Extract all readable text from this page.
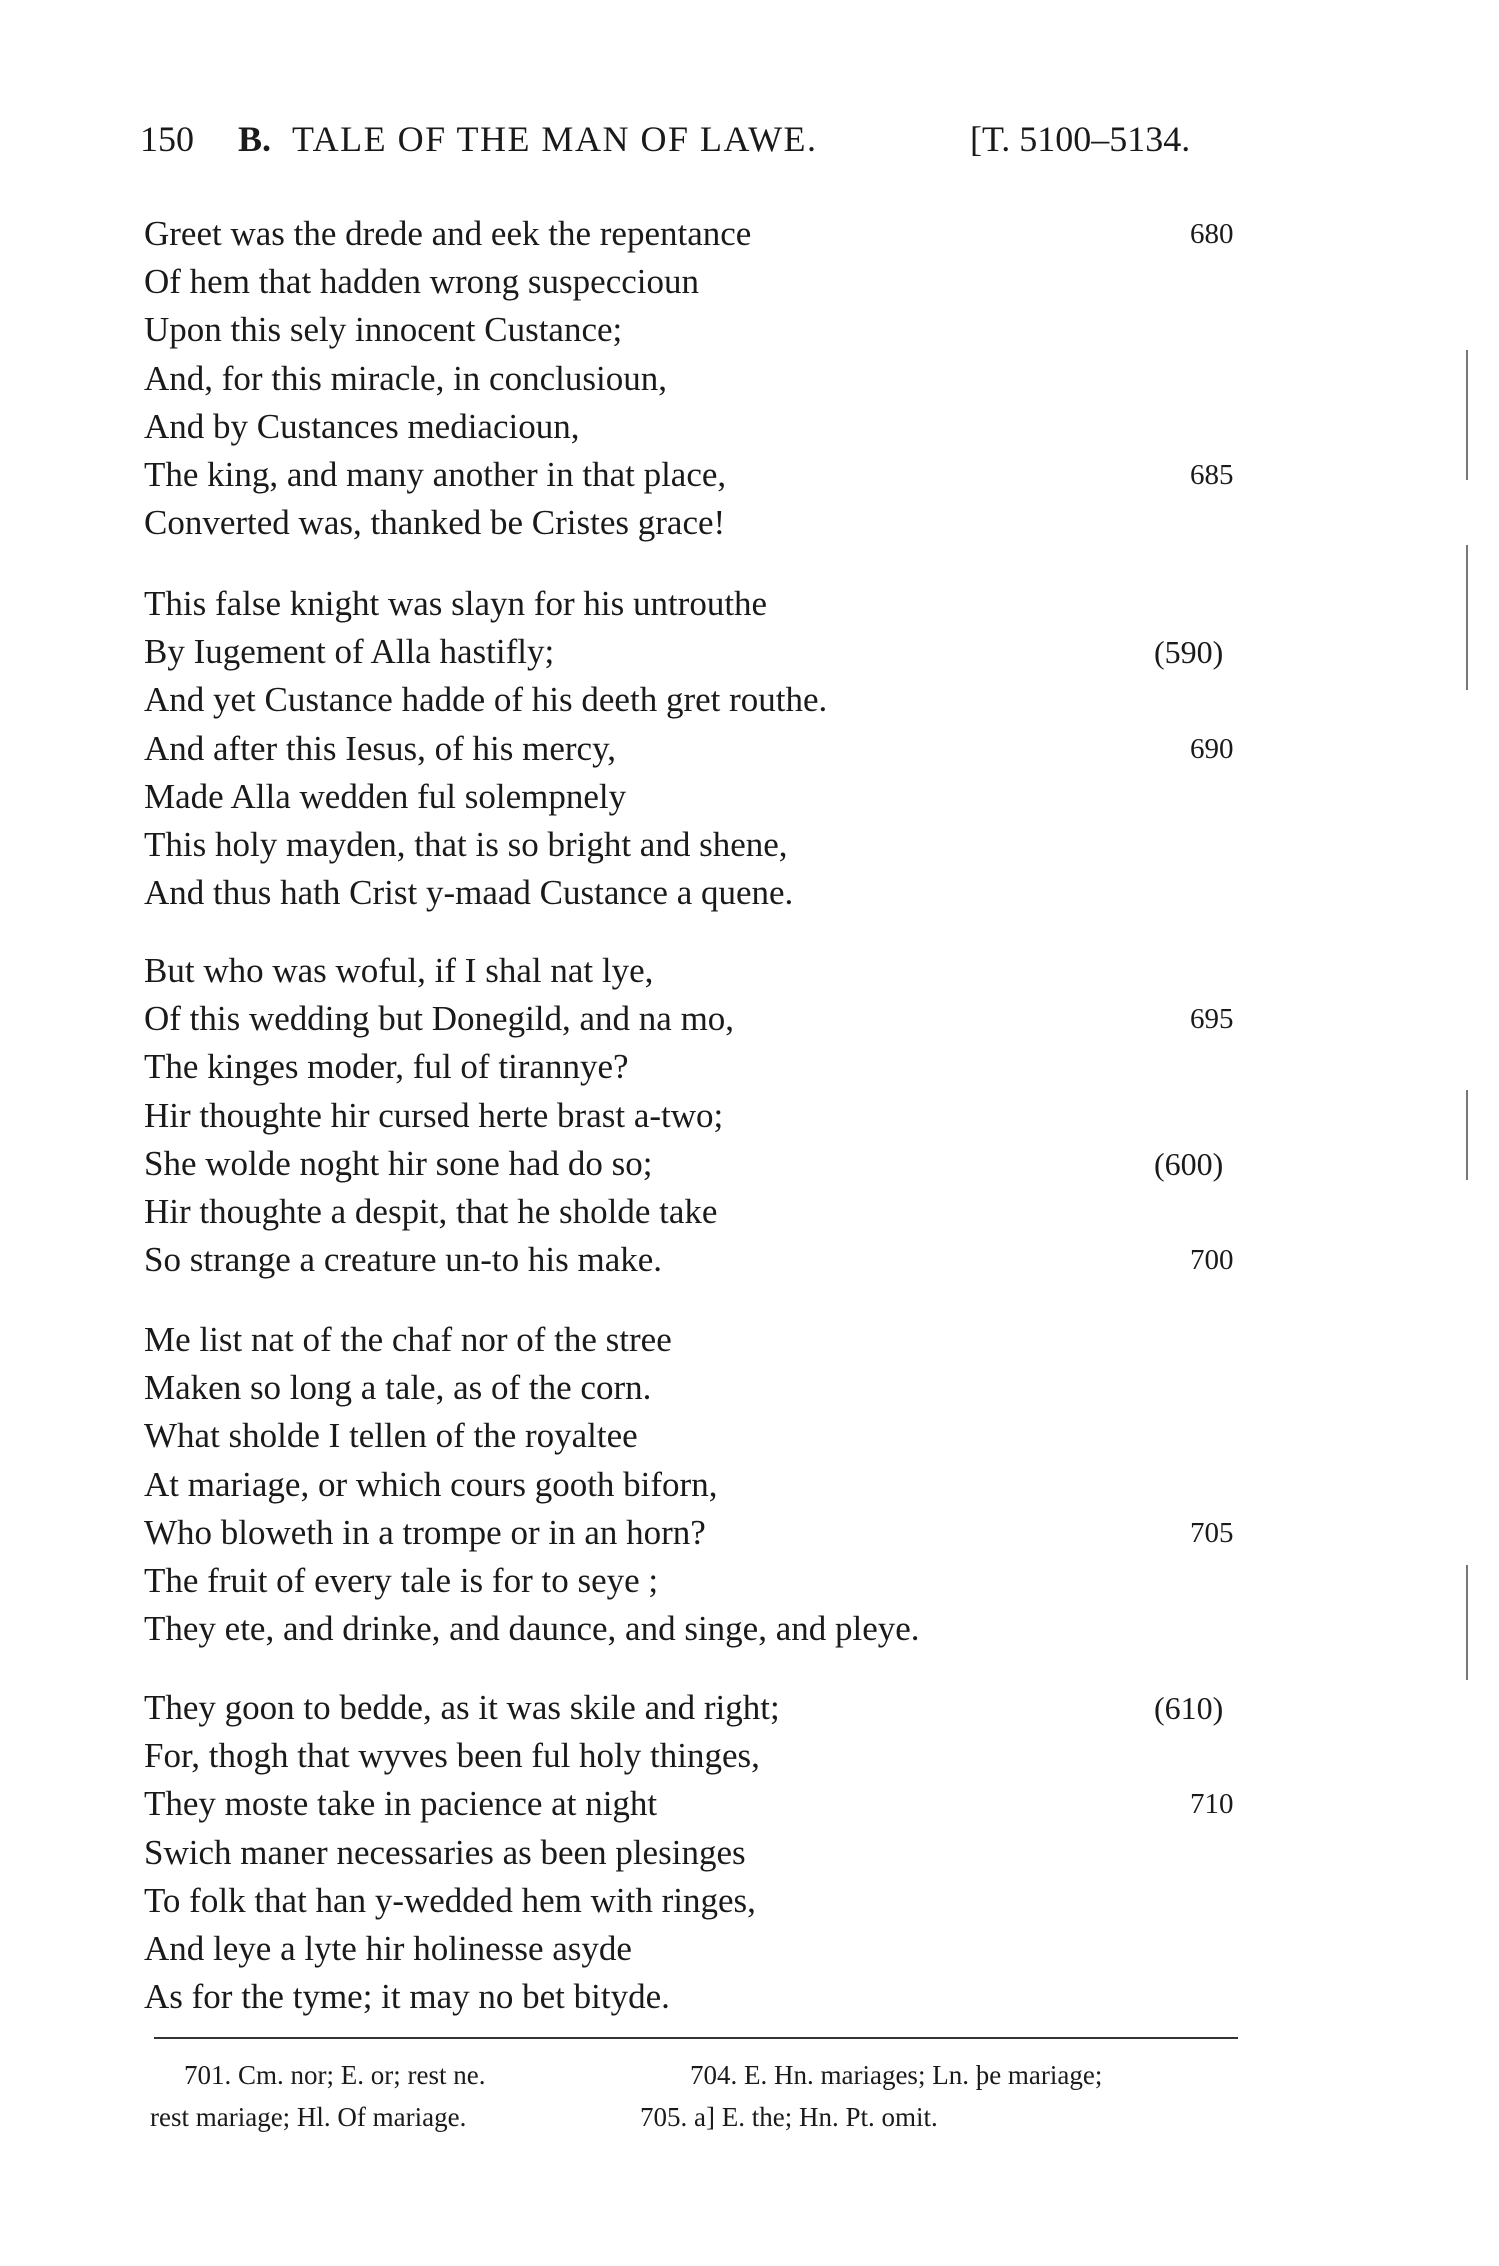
150 B. TALE OF THE MAN OF LAWE.	[T. 5100–5134.
Greet was the drede and eek the repentance	680
Of hem that hadden wrong suspeccioun
Upon this sely innocent Custance;
And, for this miracle, in conclusioun,
And by Custances mediacioun,
The king, and many another in that place,	685
Converted was, thanked be Cristes grace!
This false knight was slayn for his untrouthe
By Iugement of Alla hastifly;	(590)
And yet Custance hadde of his deeth gret routhe.
And after this Iesus, of his mercy,	690
Made Alla wedden ful solempnely
This holy mayden, that is so bright and shene,
And thus hath Crist y-maad Custance a quene.
But who was woful, if I shal nat lye,
Of this wedding but Donegild, and na mo,	695
The kinges moder, ful of tirannye?
Hir thoughte hir cursed herte brast a-two;
She wolde noght hir sone had do so;	(600)
Hir thoughte a despit, that he sholde take
So strange a creature un-to his make.	700
Me list nat of the chaf nor of the stree
Maken so long a tale, as of the corn.
What sholde I tellen of the royaltee
At mariage, or which cours gooth biforn,
Who bloweth in a trompe or in an horn?	705
The fruit of every tale is for to seye ;
They ete, and drinke, and daunce, and singe, and pleye.
They goon to bedde, as it was skile and right;	(610)
For, thogh that wyves been ful holy thinges,
They moste take in pacience at night	710
Swich maner necessaries as been plesinges
To folk that han y-wedded hem with ringes,
And leye a lyte hir holinesse asyde
As for the tyme; it may no bet bityde.
701. Cm. nor; E. or; rest ne.
rest mariage; Hl. Of mariage.
704. E. Hn. mariages; Ln. þe mariage;
705. a] E. the; Hn. Pt. omit.
